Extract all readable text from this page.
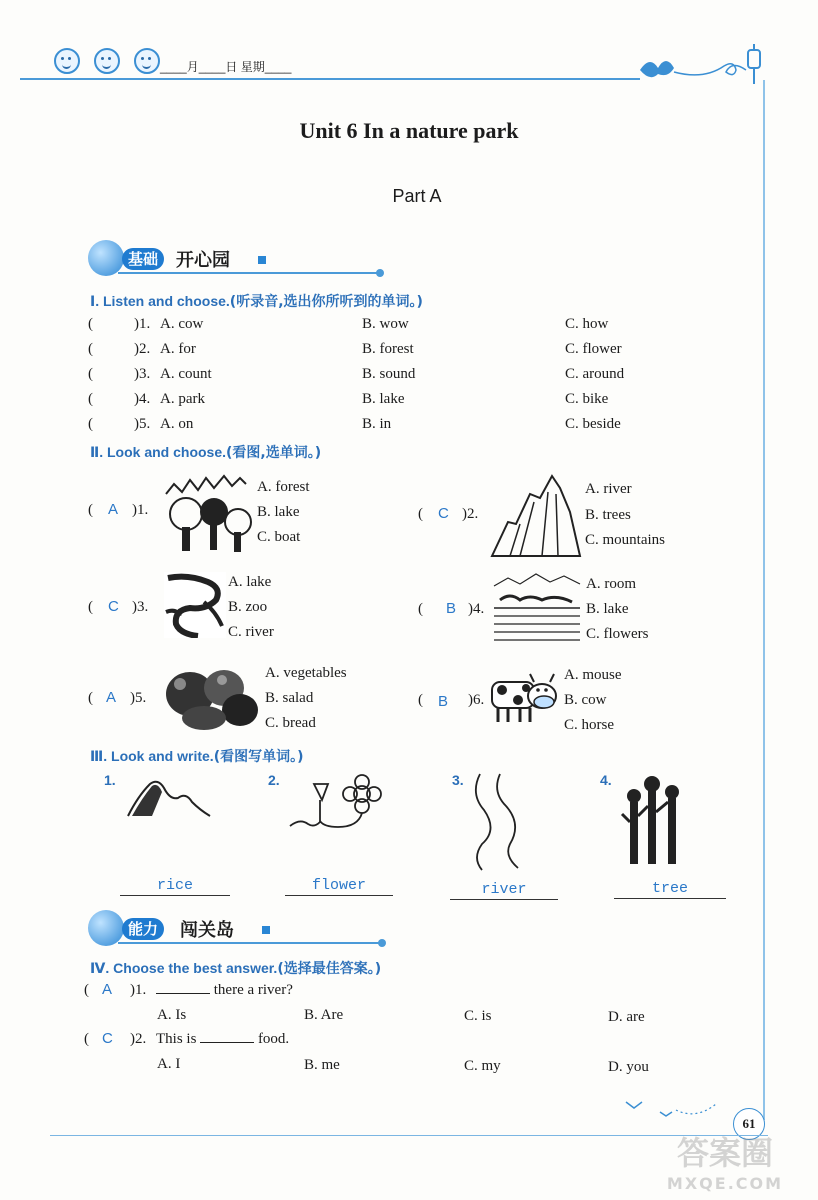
____月____日 星期____
Unit 6 In a nature park
Part A
基础 开心园
Ⅰ. Listen and choose.(听录音,选出你所听到的单词。)
(	)1. A. cow	B. wow	C. how
(	)2. A. for	B. forest	C. flower
(	)3. A. count	B. sound	C. around
(	)4. A. park	B. lake	C. bike
(	)5. A. on	B. in	C. beside
Ⅱ. Look and choose.(看图,选单词。)
( A )1.
A. forest
B. lake
C. boat
( C )2.
A. river
B. trees
C. mountains
( C )3.
A. lake
B. zoo
C. river
( B )4.
A. room
B. lake
C. flowers
( A )5.
A. vegetables
B. salad
C. bread
( B )6.
A. mouse
B. cow
C. horse
Ⅲ. Look and write.(看图写单词。)
1.
rice
2.
flower
3.
river
4.
tree
能力	闯关岛
Ⅳ. Choose the best answer.(选择最佳答案。)
( A )1.	there a river?
A. Is	B. Are	C. is	D. are
( C )2. This is	food.
A. I	B. me	C. my	D. you
61
答案圈
MXQE.COM
